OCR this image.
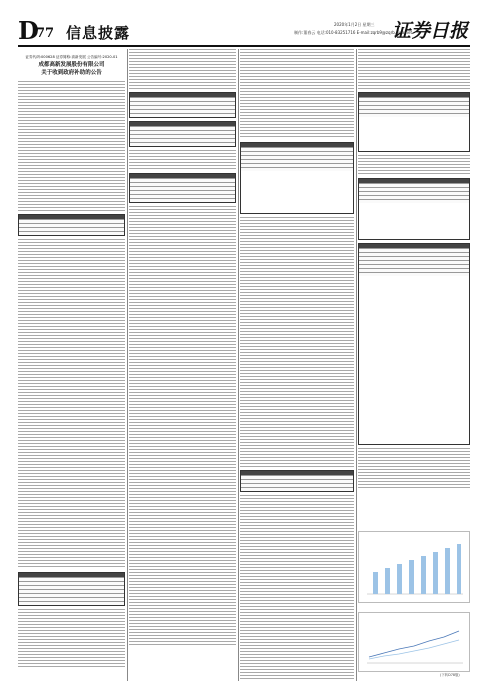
D
77 信息披露	2020年1月2日 星期三
制作:董春云 电话:010-83251716 E-mail:zqrb9@zqrb.sina.net
证券日报
证券代码:000628 证券简称:高新发展 公告编号:2020-01
成都高新发展股份有限公司
关于收到政府补助的公告
(下转D78版)
